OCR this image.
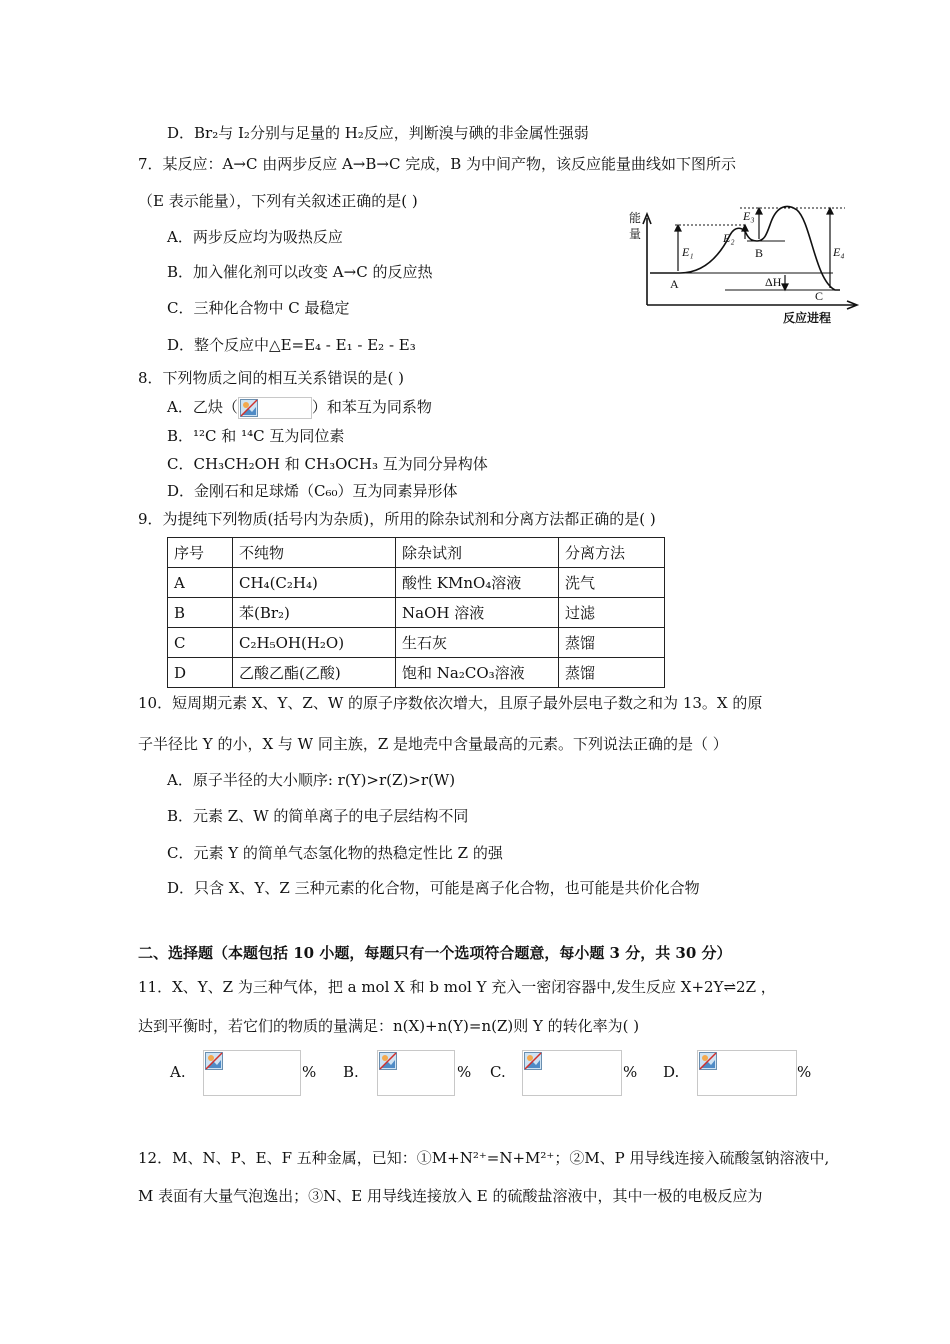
D．Br₂与 I₂分别与足量的 H₂反应，判断溴与碘的非金属性强弱
7．某反应：A→C 由两步反应 A→B→C 完成，B 为中间产物，该反应能量曲线如下图所示
（E 表示能量），下列有关叙述正确的是( )
A．两步反应均为吸热反应
B．加入催化剂可以改变 A→C 的反应热
C．三种化合物中 C 最稳定
D．整个反应中△E=E₄ - E₁ - E₂ - E₃
能
量
E₁
E₂
E₃
E₄
ΔH
A
B
C
反应进程
8．下列物质之间的相互关系错误的是( )
A．乙炔（	）和苯互为同系物
B．¹²C 和 ¹⁴C 互为同位素
C．CH₃CH₂OH 和 CH₃OCH₃ 互为同分异构体
D．金刚石和足球烯（C₆₀）互为同素异形体
9．为提纯下列物质(括号内为杂质)，所用的除杂试剂和分离方法都正确的是( )
序号	不纯物	除杂试剂	分离方法
A	CH₄(C₂H₄)	酸性 KMnO₄溶液	洗气
B	苯(Br₂)	NaOH 溶液	过滤
C	C₂H₅OH(H₂O)	生石灰	蒸馏
D	乙酸乙酯(乙酸)	饱和 Na₂CO₃溶液	蒸馏
10．短周期元素 X、Y、Z、W 的原子序数依次增大，且原子最外层电子数之和为 13。X 的原
子半径比 Y 的小，X 与 W 同主族，Z 是地壳中含量最高的元素。下列说法正确的是（ ）
A．原子半径的大小顺序: r(Y)>r(Z)>r(W)
B．元素 Z、W 的简单离子的电子层结构不同
C．元素 Y 的简单气态氢化物的热稳定性比 Z 的强
D．只含 X、Y、Z 三种元素的化合物，可能是离子化合物，也可能是共价化合物
二、选择题（本题包括 10 小题，每题只有一个选项符合题意，每小题 3 分，共 30 分）
11．X、Y、Z 为三种气体，把 a mol X 和 b mol Y 充入一密闭容器中,发生反应 X+2Y⇌2Z ，
达到平衡时，若它们的物质的量满足：n(X)+n(Y)=n(Z)则 Y 的转化率为( )
A.	% B.	% C.	% D.	%
12．M、N、P、E、F 五种金属，已知：①M+N²⁺=N+M²⁺；②M、P 用导线连接入硫酸氢钠溶液中,
M 表面有大量气泡逸出；③N、E 用导线连接放入 E 的硫酸盐溶液中，其中一极的电极反应为
